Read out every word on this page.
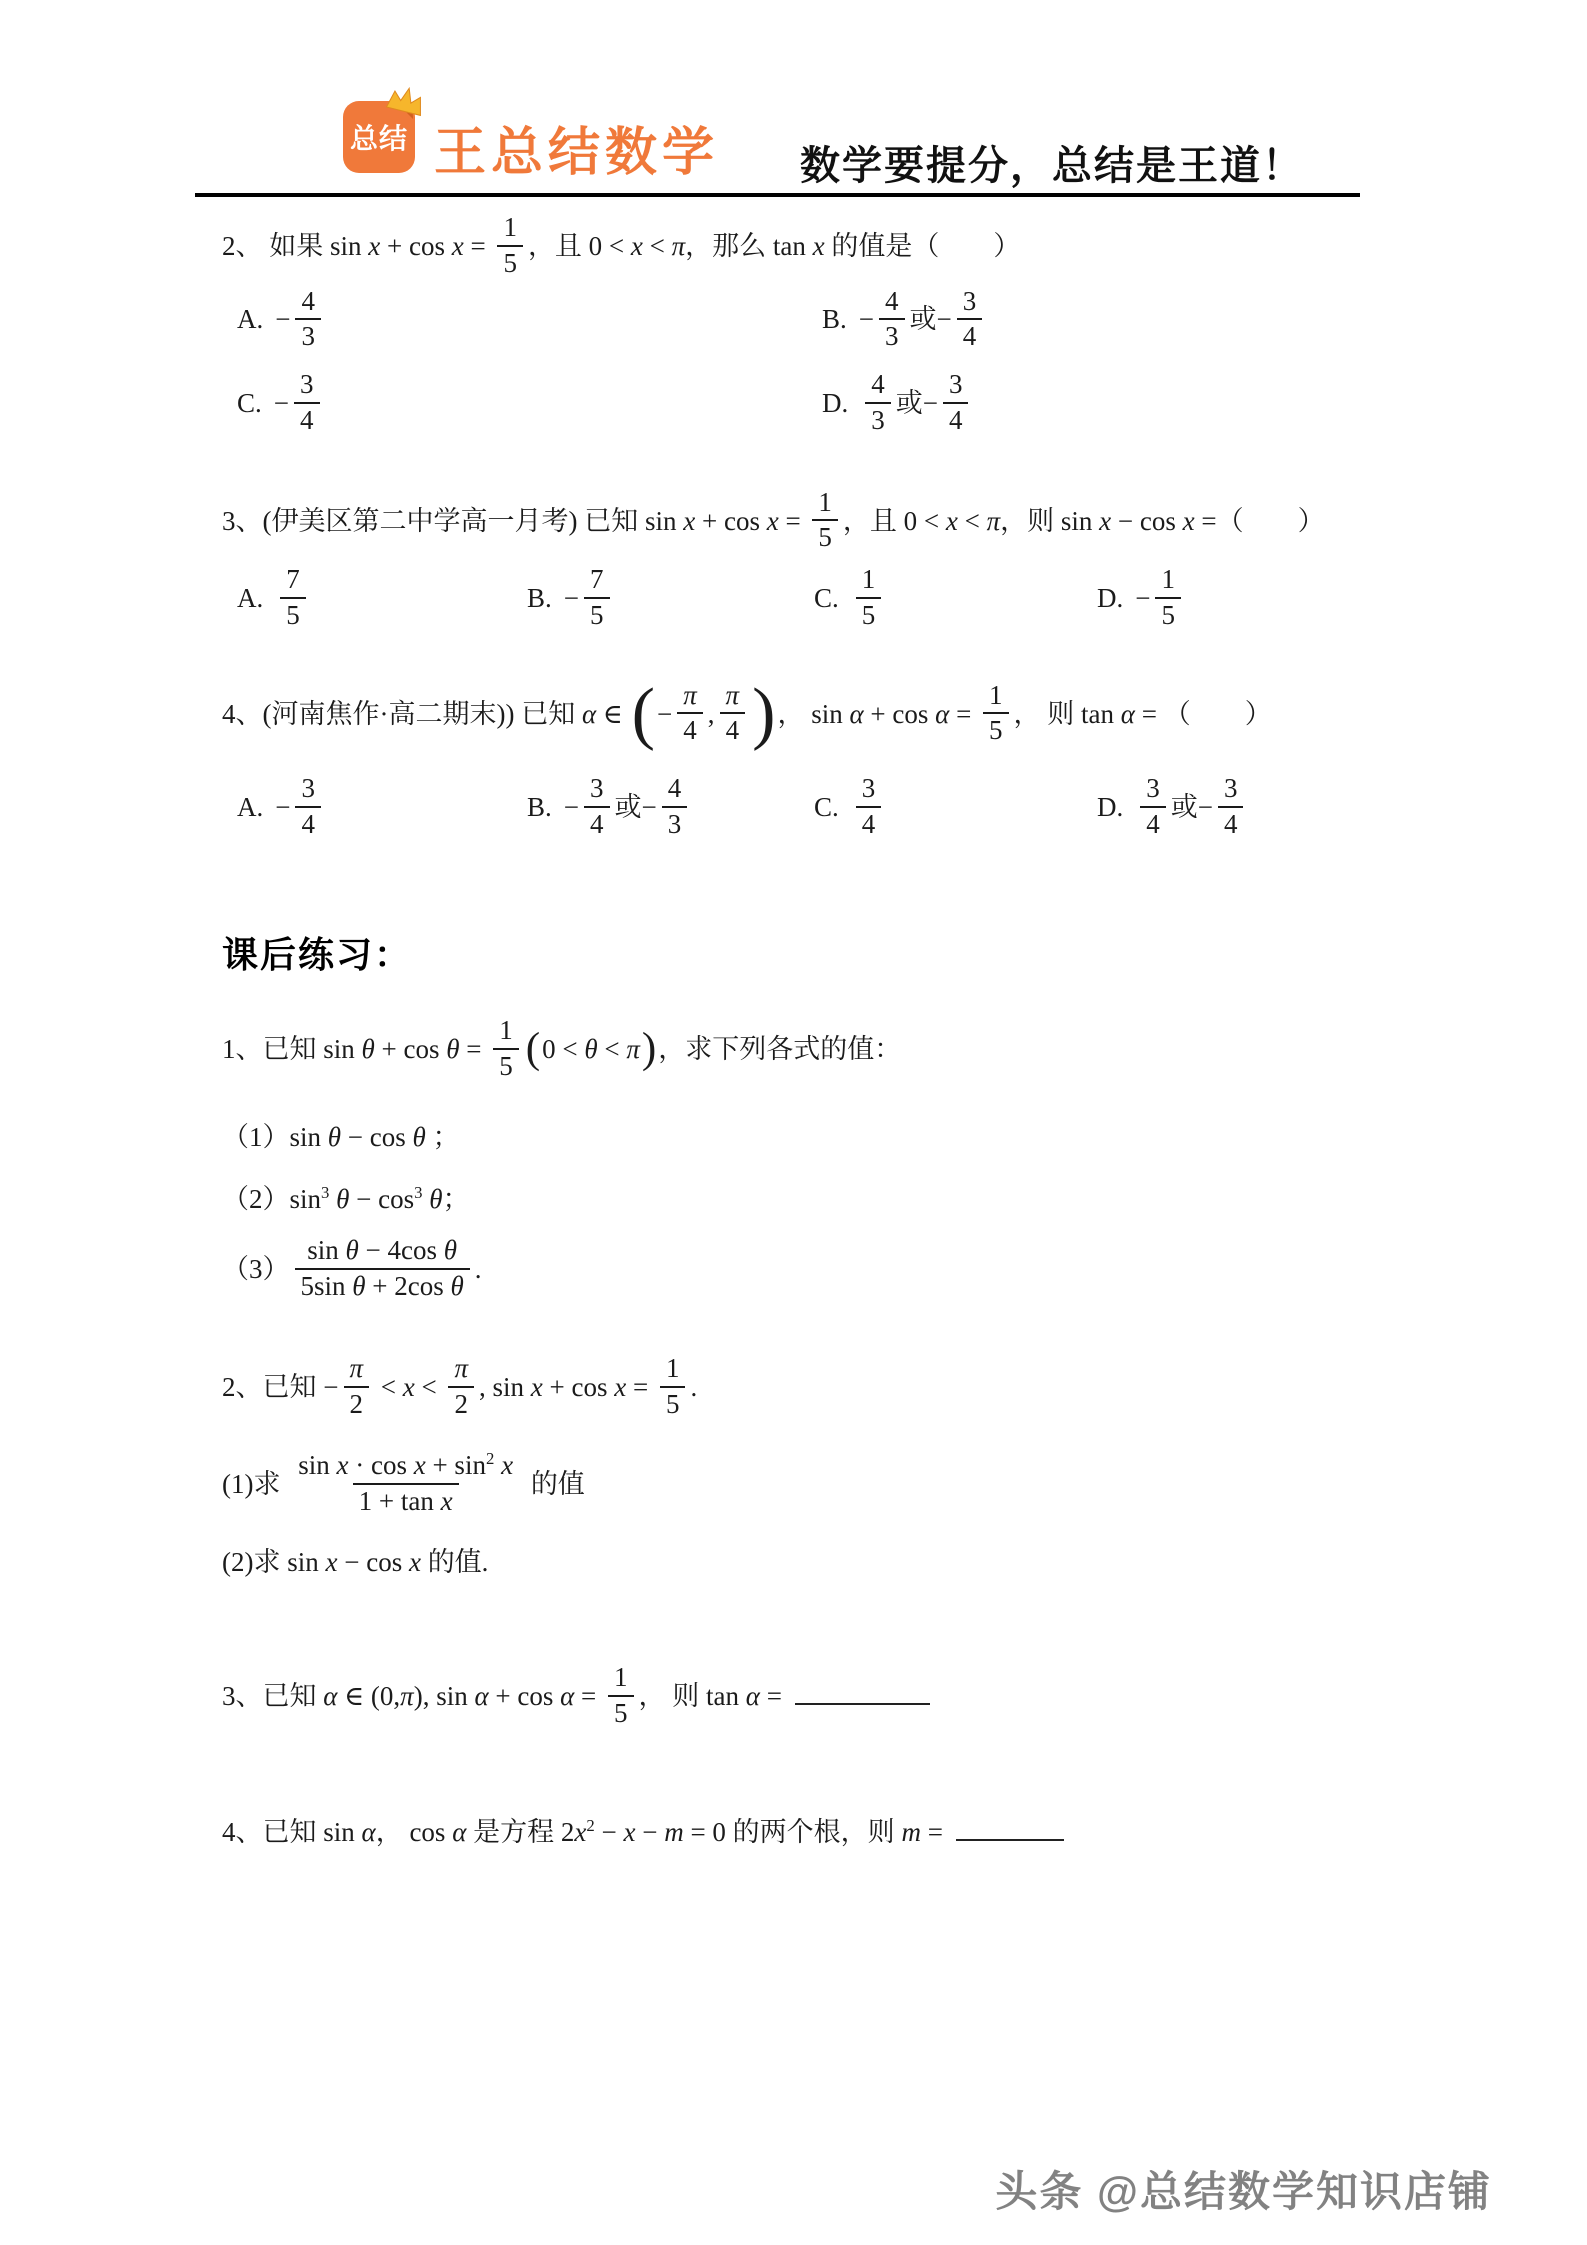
总结 王总结数学 数学要提分，总结是王道！
2、 如果 $\sin x + \cos x = \frac{1}{5}$ ，且 0 < x < π，那么 tan x 的值是（　　）
A. − $\frac{4}{3}$	B. − $\frac{4}{3}$ 或− $\frac{3}{4}$
C. − $\frac{3}{4}$	D. $\frac{4}{3}$ 或− $\frac{3}{4}$
3、(伊美区第二中学高一月考) 已知 $\sin x + \cos x = \frac{1}{5}$ ，且 0 < x < π，则 sin x − cos x =（　　）
A. $\frac{7}{5}$	B. − $\frac{7}{5}$	C. $\frac{1}{5}$	D. − $\frac{1}{5}$
4、(河南焦作·高二期末)) 已知 α ∈ (− $\frac{\pi}{4}$ , $\frac{\pi}{4}$ )， $\sin \alpha + \cos \alpha = \frac{1}{5}$ ， 则 tan α = （　　）
A. − $\frac{3}{4}$	B. − $\frac{3}{4}$ 或− $\frac{4}{3}$	C. $\frac{3}{4}$	D. $\frac{3}{4}$ 或− $\frac{3}{4}$
课后练习：
1、已知 $\sin \theta + \cos \theta = \frac{1}{5} (0 < \theta < \pi)$，求下列各式的值：
（1）sin θ − cos θ ；
$(2)\sin^3$ $\theta - \cos^3 \theta$；
$(3) \frac{\text{sin θ − 4cos θ}}{\text{5sin θ + 2cos θ}}$ .
2、已知 − $\frac{\pi}{2} < x < \frac{\pi}{2}$ , $\sin x + \cos x = \frac{1}{5}$ .
(1)求 $\frac{\sin x \cdot \cos x + \sin^2 x}{\text{1 + tan x}}$ 的值
(2)求 sin x − cos x 的值.
3、已知 α ∈ (0,π), $\sin \alpha + \cos \alpha = \frac{1}{5}$ ， 则 tan α =
4、已知 sin α， cos α 是方程 $2x^2 - x - m = 0$ 的两个根，则 m =
头条 @总结数学知识店铺
